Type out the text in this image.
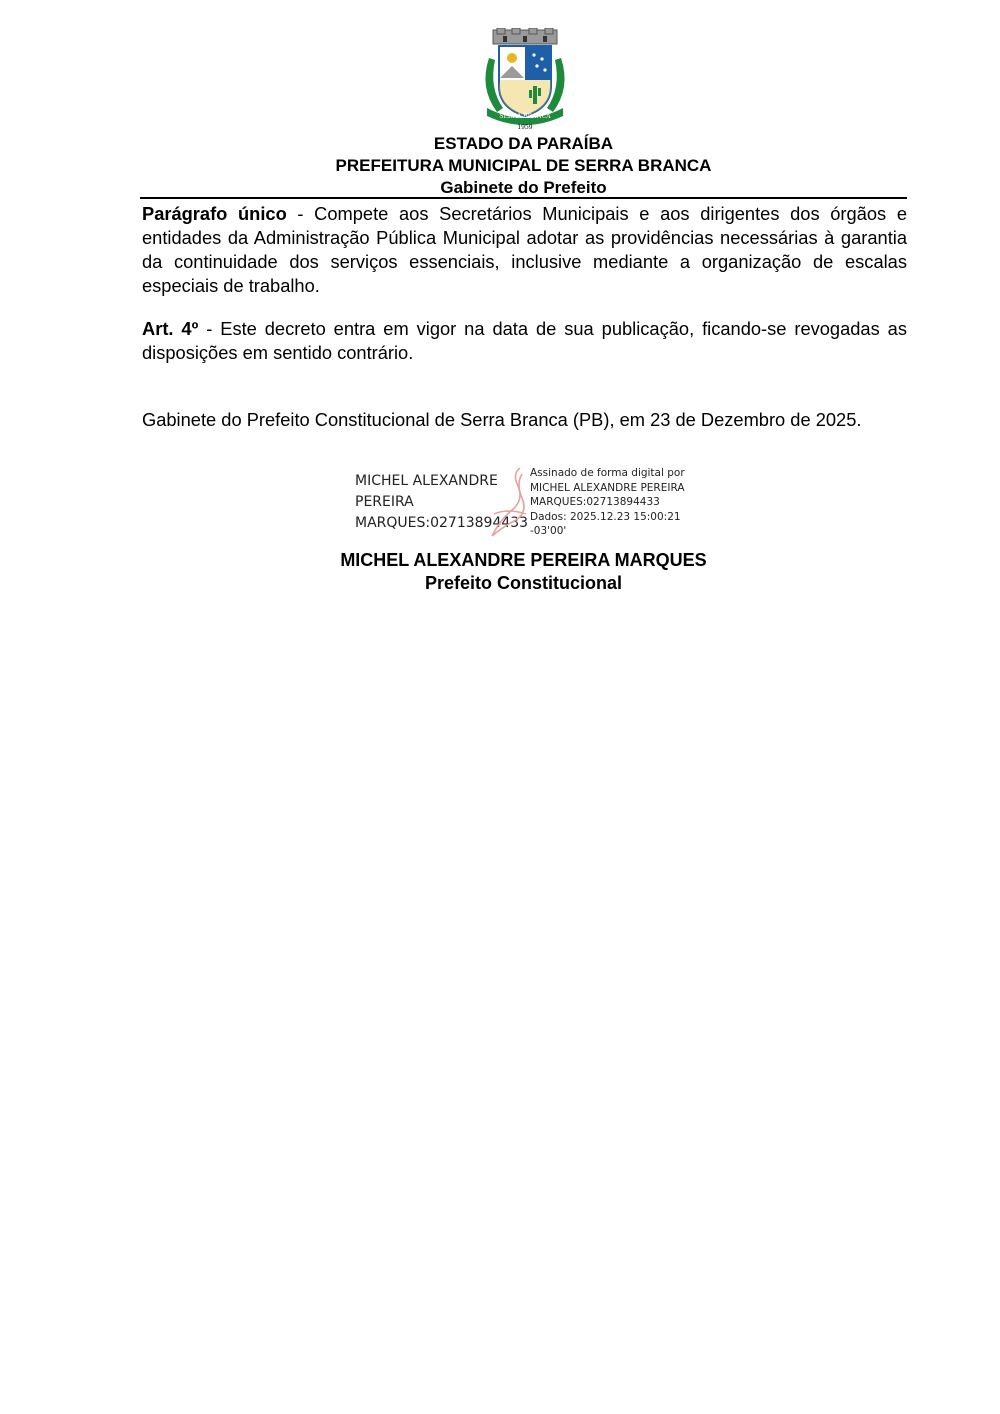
SERRA BRANCA
1959
ESTADO DA PARAÍBA
PREFEITURA MUNICIPAL DE SERRA BRANCA
Gabinete do Prefeito
Parágrafo único - Compete aos Secretários Municipais e aos dirigentes dos órgãos e entidades da Administração Pública Municipal adotar as providências necessárias à garantia da continuidade dos serviços essenciais, inclusive mediante a organização de escalas especiais de trabalho.
Art. 4º - Este decreto entra em vigor na data de sua publicação, ficando-se revogadas as disposições em sentido contrário.
Gabinete do Prefeito Constitucional de Serra Branca (PB), em 23 de Dezembro de 2025.
MICHEL ALEXANDRE
PEREIRA
MARQUES:02713894433
Assinado de forma digital por
MICHEL ALEXANDRE PEREIRA
MARQUES:02713894433
Dados: 2025.12.23 15:00:21
-03'00'
MICHEL ALEXANDRE PEREIRA MARQUES
Prefeito Constitucional
